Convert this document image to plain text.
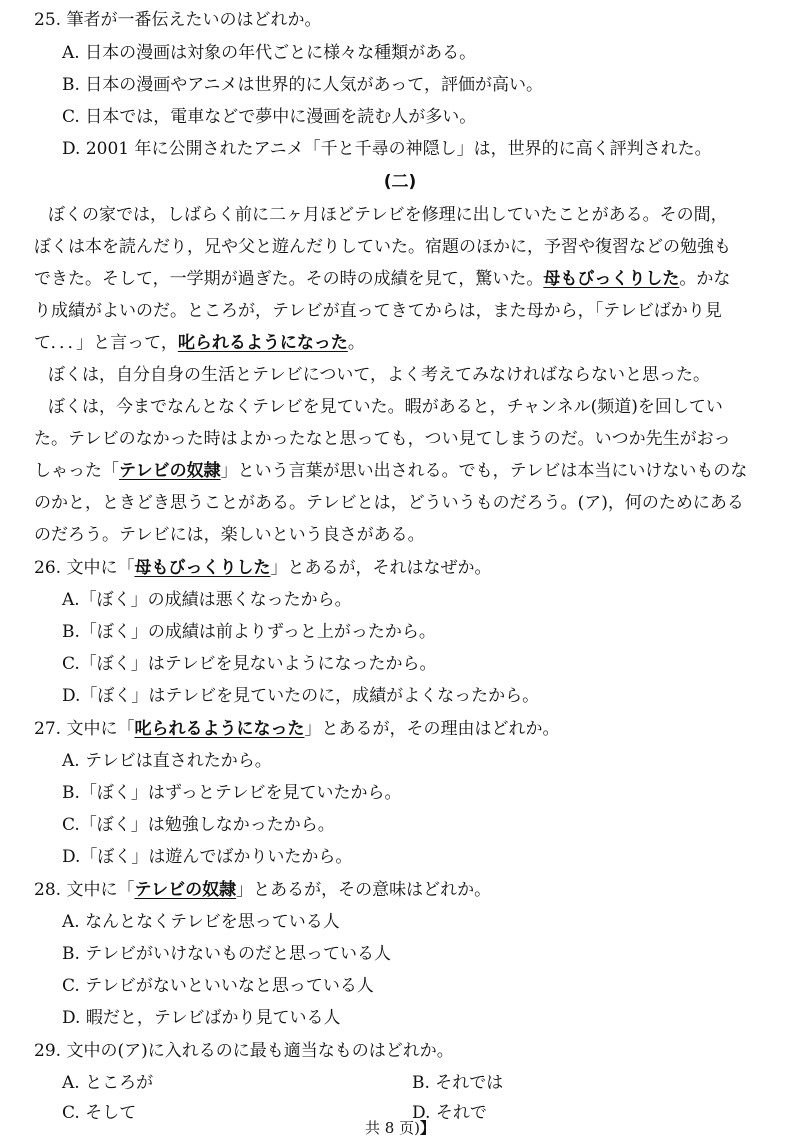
25. 筆者が一番伝えたいのはどれか。
A. 日本の漫画は対象の年代ごとに様々な種類がある。
B. 日本の漫画やアニメは世界的に人気があって，評価が高い。
C. 日本では，電車などで夢中に漫画を読む人が多い。
D. 2001 年に公開されたアニメ「千と千尋の神隠し」は，世界的に高く評判された。
(二)
ぼくの家では，しばらく前に二ヶ月ほどテレビを修理に出していたことがある。その間，
ぼくは本を読んだり，兄や父と遊んだりしていた。宿題のほかに，予習や復習などの勉強も
できた。そして，一学期が過ぎた。その時の成績を見て，驚いた。母もびっくりした。かな
り成績がよいのだ。ところが，テレビが直ってきてからは，また母から，「テレビばかり見
て．．．」と言って，叱られるようになった。
ぼくは，自分自身の生活とテレビについて，よく考えてみなければならないと思った。
ぼくは，今までなんとなくテレビを見ていた。暇があると，チャンネル(频道)を回してい
た。テレビのなかった時はよかったなと思っても，つい見てしまうのだ。いつか先生がおっ
しゃった「テレビの奴隷」という言葉が思い出される。でも，テレビは本当にいけないものな
のかと，ときどき思うことがある。テレビとは，どういうものだろう。(ア)，何のためにある
のだろう。テレビには，楽しいという良さがある。
26. 文中に「母もびっくりした」とあるが，それはなぜか。
A.「ぼく」の成績は悪くなったから。
B.「ぼく」の成績は前よりずっと上がったから。
C.「ぼく」はテレビを見ないようになったから。
D.「ぼく」はテレビを見ていたのに，成績がよくなったから。
27. 文中に「叱られるようになった」とあるが，その理由はどれか。
A. テレビは直されたから。
B.「ぼく」はずっとテレビを見ていたから。
C.「ぼく」は勉強しなかったから。
D.「ぼく」は遊んでばかりいたから。
28. 文中に「テレビの奴隷」とあるが，その意味はどれか。
A. なんとなくテレビを思っている人
B. テレビがいけないものだと思っている人
C. テレビがないといいなと思っている人
D. 暇だと，テレビばかり見ている人
29. 文中の(ア)に入れるのに最も適当なものはどれか。
A. ところが	B. それでは
C. そして	D. それで
共 8 页)】
